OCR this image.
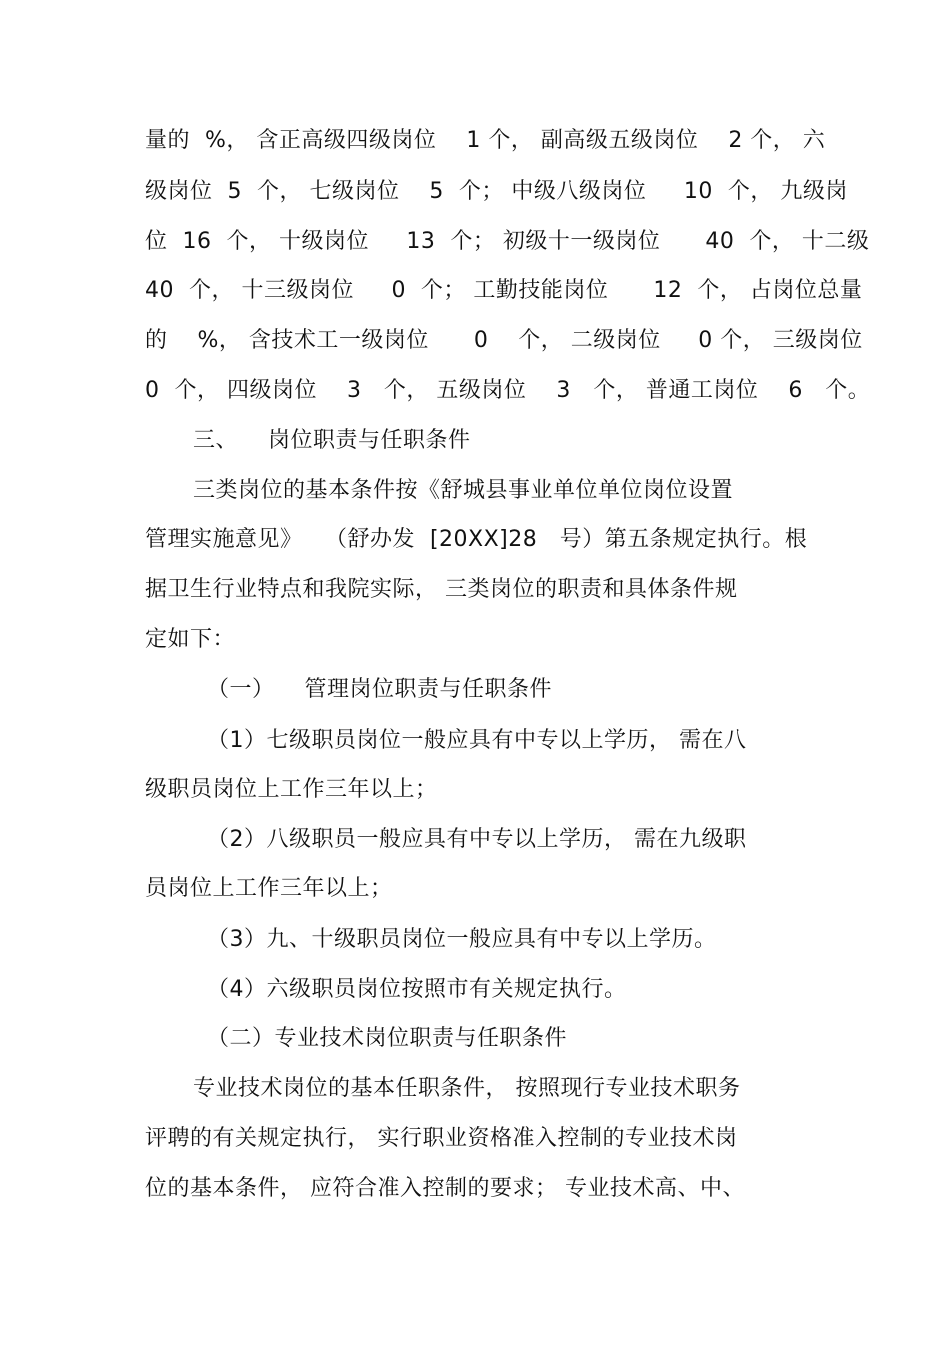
量的  %， 含正高级四级岗位    1 个， 副高级五级岗位    2 个， 六
级岗位  5  个， 七级岗位    5  个； 中级八级岗位     10  个， 九级岗
位  16  个， 十级岗位     13  个； 初级十一级岗位      40  个， 十二级
40  个， 十三级岗位     0  个； 工勤技能岗位      12  个， 占岗位总量
的    %， 含技术工一级岗位      0    个， 二级岗位     0 个， 三级岗位
0  个， 四级岗位    3   个， 五级岗位    3   个， 普通工岗位    6   个。
三、    岗位职责与任职条件
三类岗位的基本条件按《舒城县事业单位单位岗位设置
管理实施意见》   （舒办发  [20XX]28   号）第五条规定执行。根
据卫生行业特点和我院实际， 三类岗位的职责和具体条件规
定如下：
（一）    管理岗位职责与任职条件
（1）七级职员岗位一般应具有中专以上学历， 需在八
级职员岗位上工作三年以上；
（2）八级职员一般应具有中专以上学历， 需在九级职
员岗位上工作三年以上；
（3）九、十级职员岗位一般应具有中专以上学历。
（4）六级职员岗位按照市有关规定执行。
（二）专业技术岗位职责与任职条件
专业技术岗位的基本任职条件， 按照现行专业技术职务
评聘的有关规定执行， 实行职业资格准入控制的专业技术岗
位的基本条件， 应符合准入控制的要求； 专业技术高、中、
